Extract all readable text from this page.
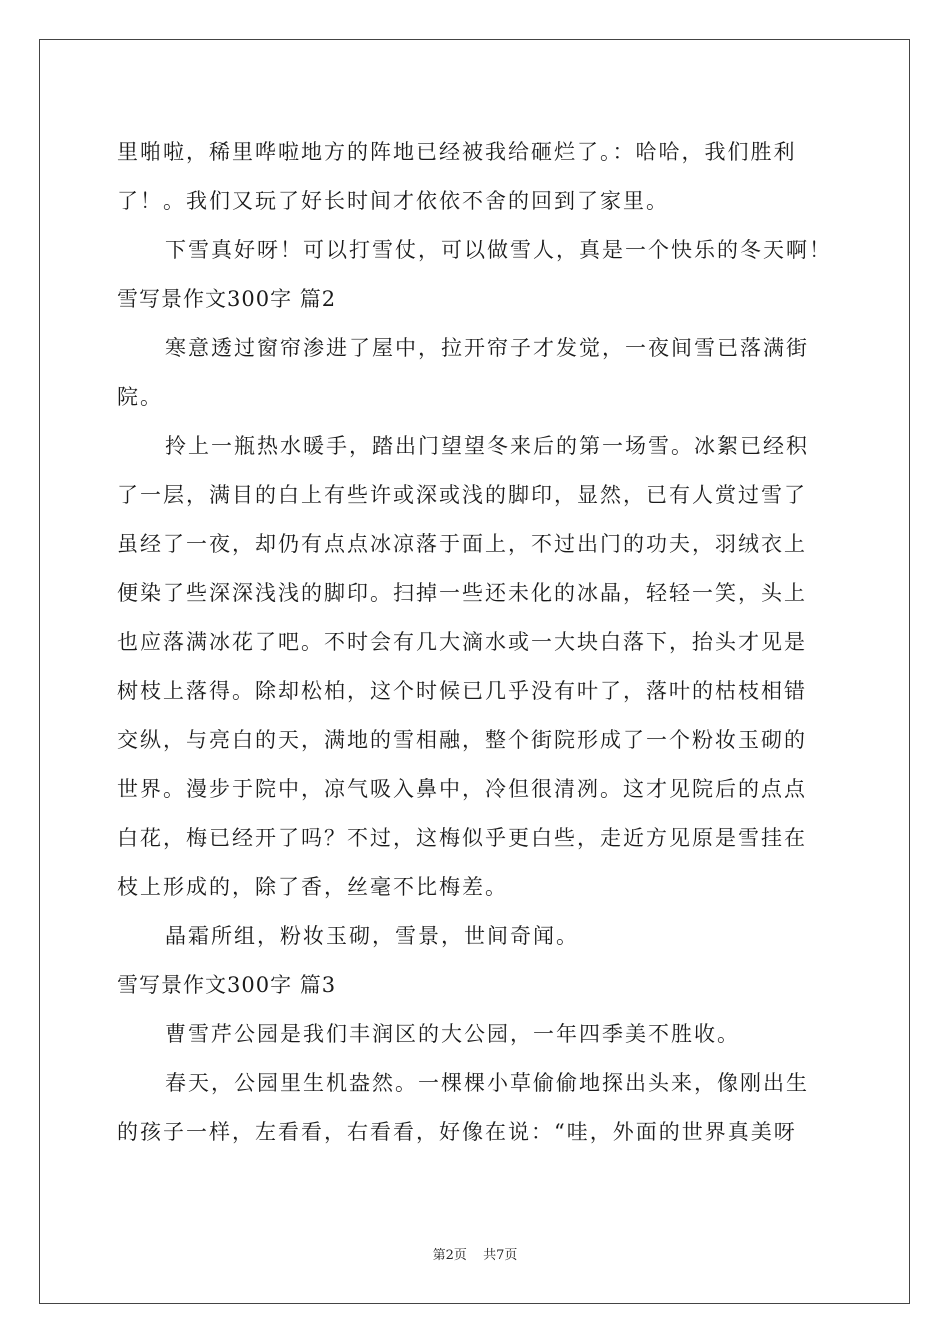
里啪啦，稀里哗啦地方的阵地已经被我给砸烂了。：哈哈，我们胜利
了！。我们又玩了好长时间才依依不舍的回到了家里。
下雪真好呀！可以打雪仗，可以做雪人，真是一个快乐的冬天啊！
雪写景作文300字 篇2
寒意透过窗帘渗进了屋中，拉开帘子才发觉，一夜间雪已落满街
院。
拎上一瓶热水暖手，踏出门望望冬来后的第一场雪。冰絮已经积
了一层，满目的白上有些许或深或浅的脚印，显然，已有人赏过雪了
虽经了一夜，却仍有点点冰凉落于面上，不过出门的功夫，羽绒衣上
便染了些深深浅浅的脚印。扫掉一些还未化的冰晶，轻轻一笑，头上
也应落满冰花了吧。不时会有几大滴水或一大块白落下，抬头才见是
树枝上落得。除却松柏，这个时候已几乎没有叶了，落叶的枯枝相错
交纵，与亮白的天，满地的雪相融，整个街院形成了一个粉妆玉砌的
世界。漫步于院中，凉气吸入鼻中，冷但很清冽。这才见院后的点点
白花，梅已经开了吗？不过，这梅似乎更白些，走近方见原是雪挂在
枝上形成的，除了香，丝毫不比梅差。
晶霜所组，粉妆玉砌，雪景，世间奇闻。
雪写景作文300字 篇3
曹雪芹公园是我们丰润区的大公园，一年四季美不胜收。
春天，公园里生机盎然。一棵棵小草偷偷地探出头来，像刚出生
的孩子一样，左看看，右看看，好像在说：“哇，外面的世界真美呀
第2页 共7页
